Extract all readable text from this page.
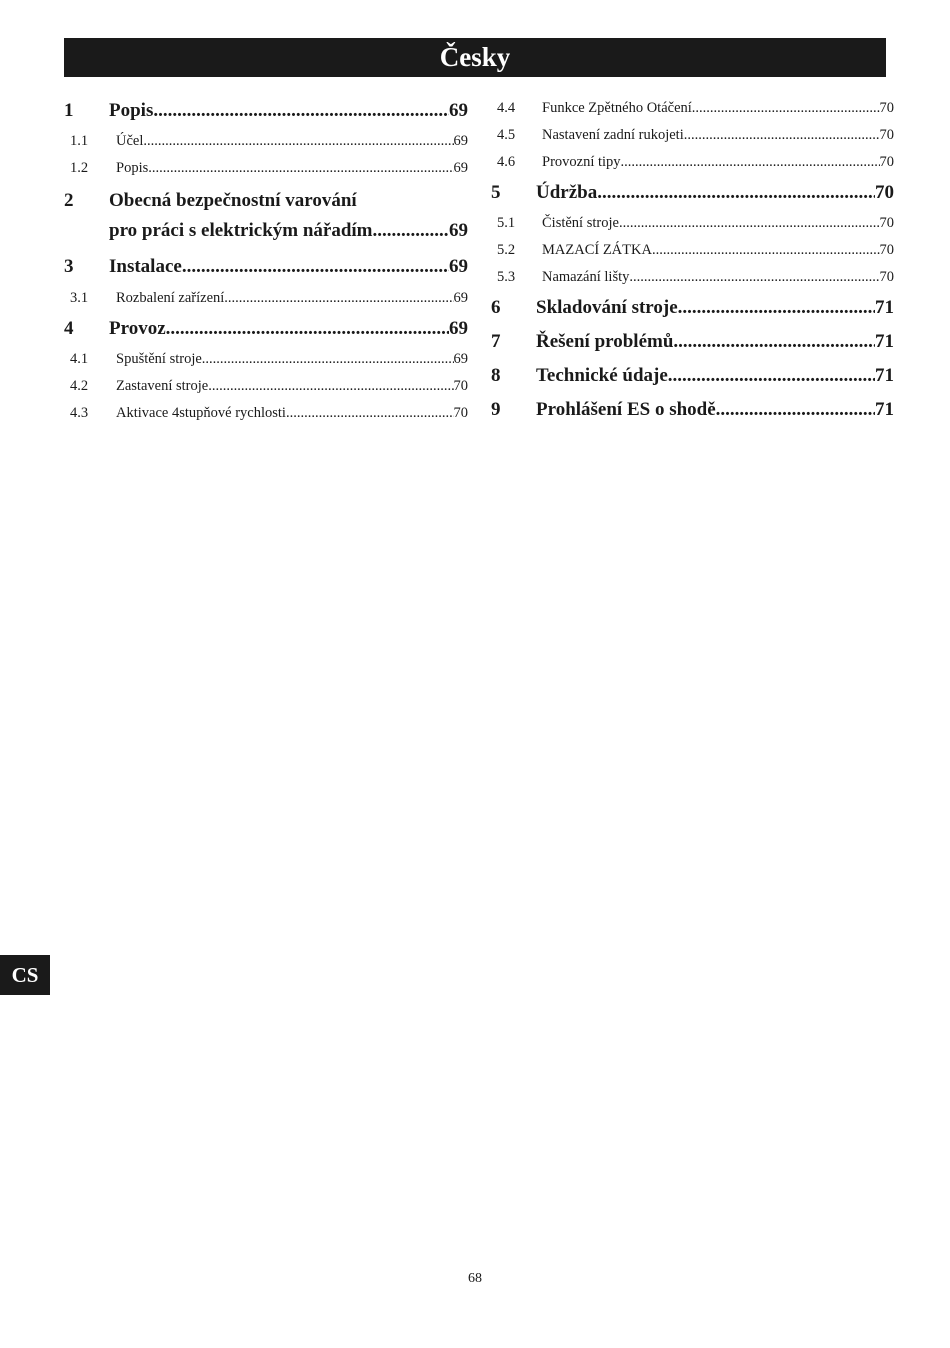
Česky
1	Popis .....	69
1.1	Účel .....	69
1.2	Popis .....	69
2	Obecná bezpečnostní varování
pro práci s elektrickým nářadím .....	69
3	Instalace .....	69
3.1	Rozbalení zařízení .....	69
4	Provoz .....	69
4.1	Spuštění stroje .....	69
4.2	Zastavení stroje .....	70
4.3	Aktivace 4stupňové rychlosti .....	70
4.4	Funkce Zpětného Otáčení .....	70
4.5	Nastavení zadní rukojeti .....	70
4.6	Provozní tipy .....	70
5	Údržba .....	70
5.1	Čistění stroje .....	70
5.2	MAZACÍ ZÁTKA .....	70
5.3	Namazání lišty .....	70
6	Skladování stroje .....	71
7	Řešení problémů .....	71
8	Technické údaje .....	71
9	Prohlášení ES o shodě .....	71
CS
68
